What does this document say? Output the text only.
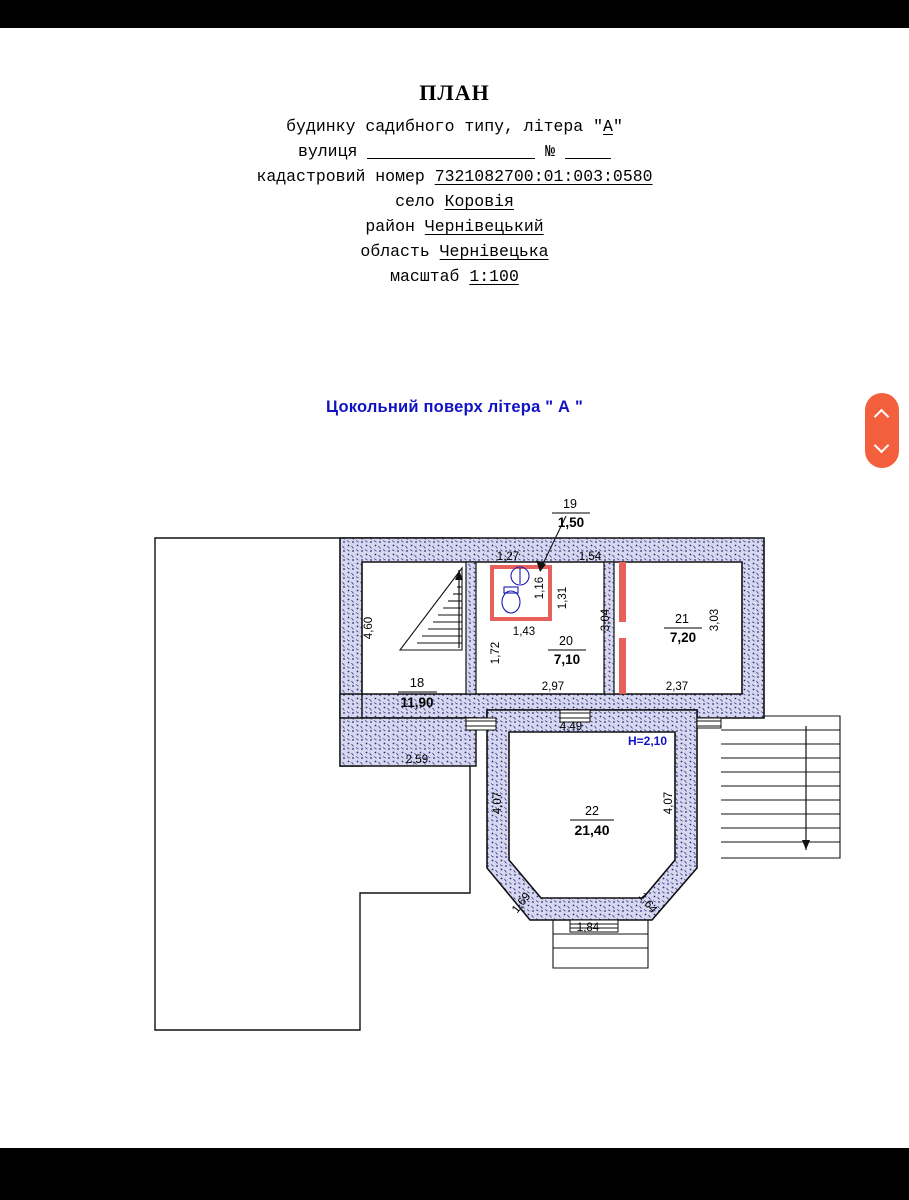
ПЛАН
будинку садибного типу, літера "А"
вулиця	№
кадастровий номер 7321082700:01:003:0580
село Коровія
район Чернівецький
область Чернівецька
масштаб 1:100
Цокольний поверх літера " А "
18
11,90
19
1,50
20
7,10
21
7,20
22
21,40
H=2,10
4,60
2,59
1,27
1,16
1,43
1,31
1,54
1,72
2,97
3,04
2,37
3,03
4,49
4,07	4,07
1,69	1,64
1,84
